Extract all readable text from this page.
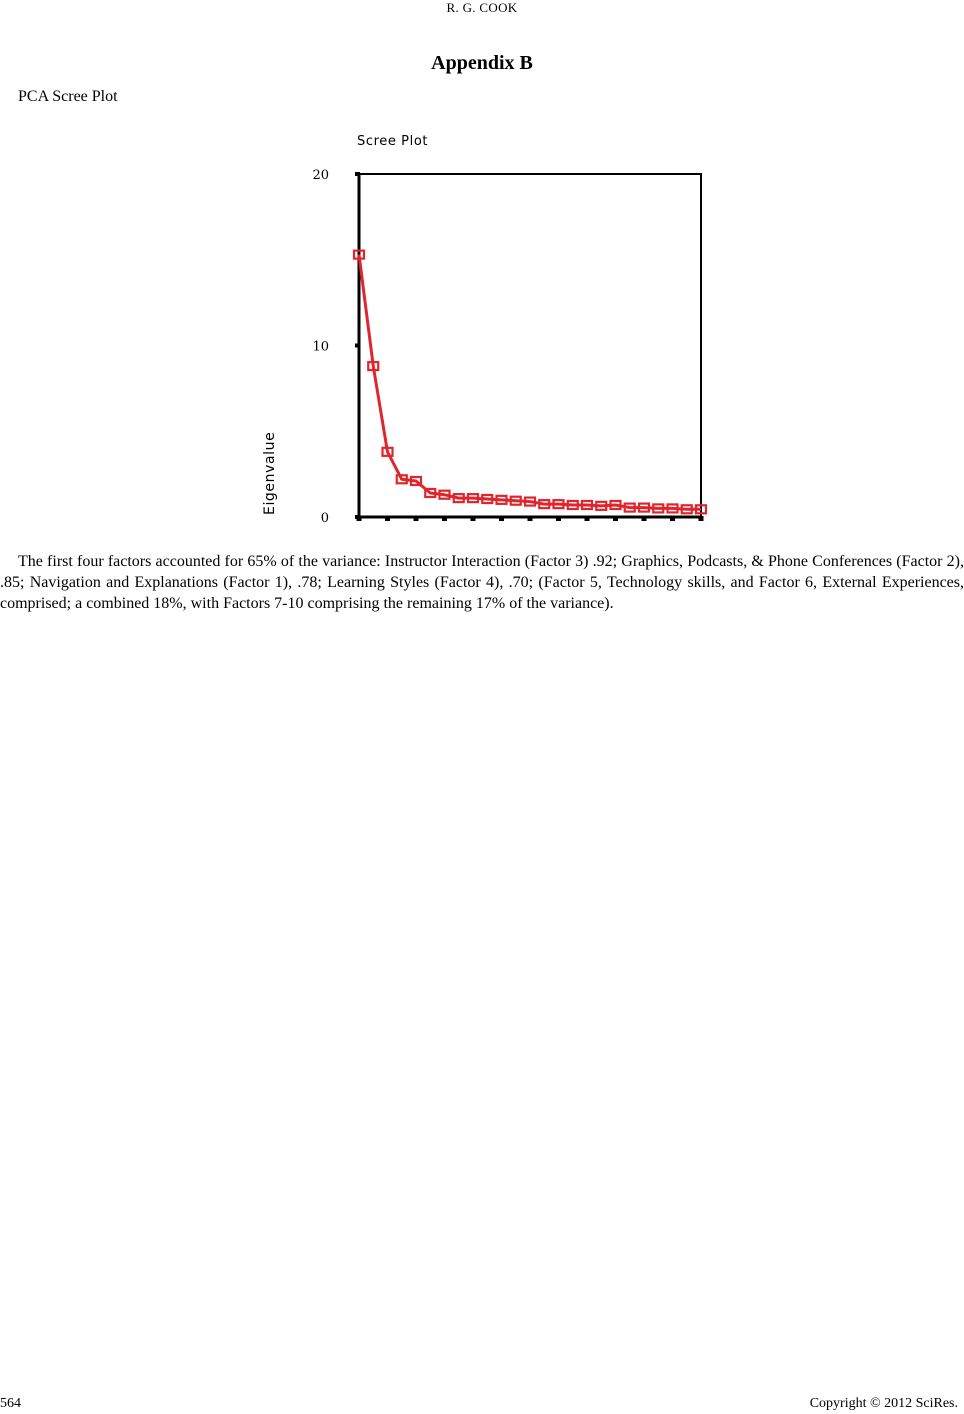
R. G. COOK
Appendix B
PCA Scree Plot
Scree Plot
Eigenvalue
0
10
20

The first four factors accounted for 65% of the variance: Instructor Interaction (Factor 3) .92; Graphics, Podcasts, & Phone Conferences (Factor 2), .85; Navigation and Explanations (Factor 1), .78; Learning Styles (Factor 4), .70; (Factor 5, Technology skills, and Factor 6, External Experiences, comprised; a combined 18%, with Factors 7-10 comprising the remaining 17% of the variance).

564	Copyright © 2012 SciRes.
